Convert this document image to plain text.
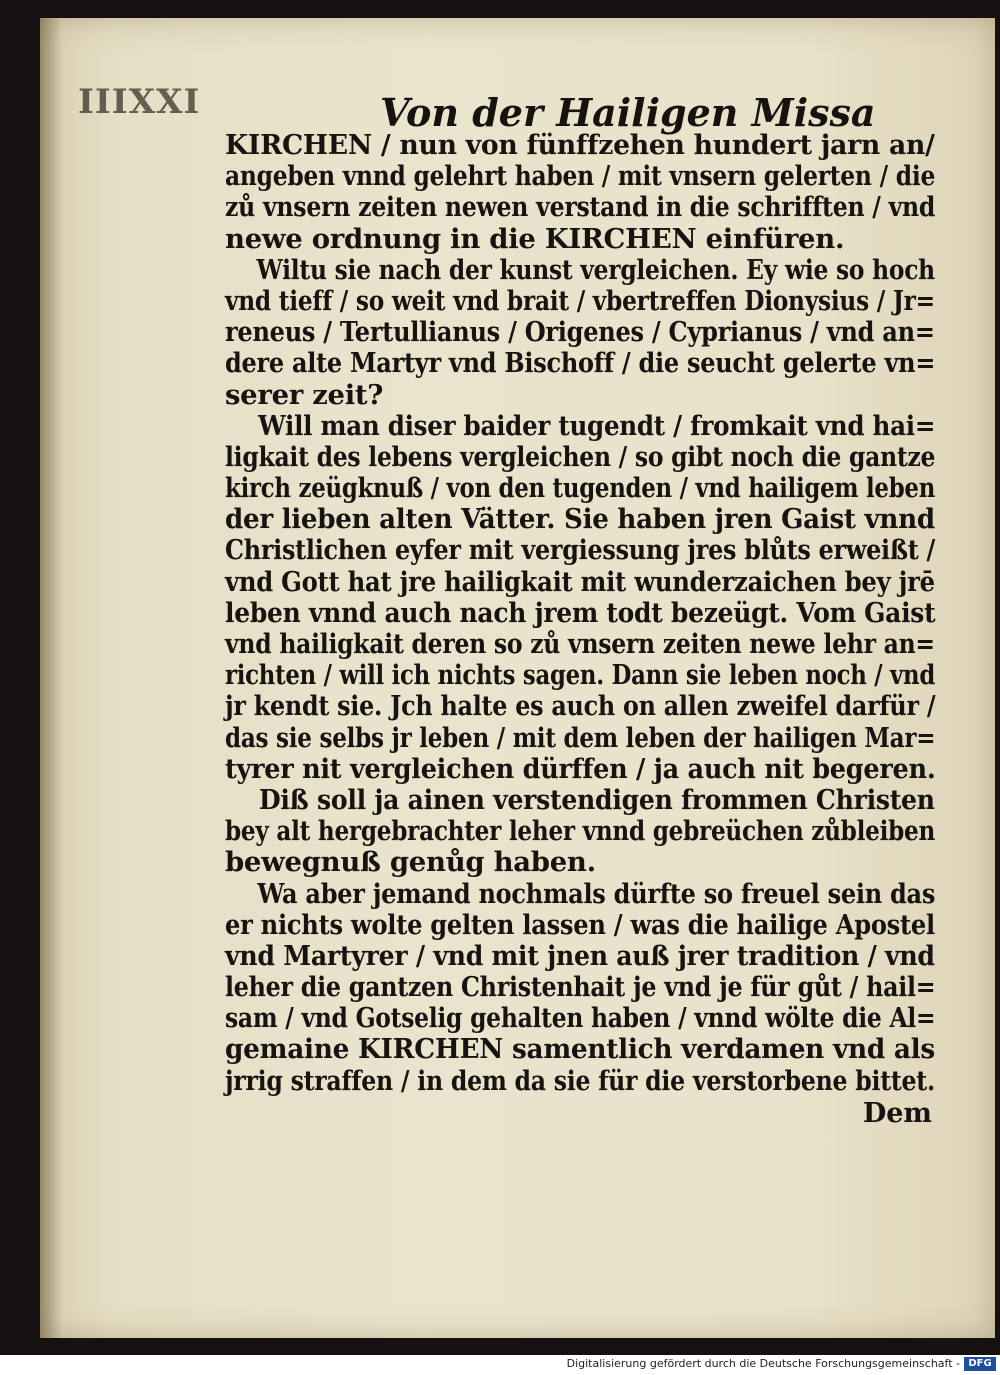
IIIXXI	Von der Hailigen Missa
KIRCHEN / nun von fünffzehen hundert jarn an/
angeben vnnd gelehrt haben / mit vnsern gelerten / die
zů vnsern zeiten newen verstand in die schrifften / vnd
newe ordnung in die KIRCHEN einfüren.
Wiltu sie nach der kunst vergleichen. Ey wie so hoch
vnd tieff / so weit vnd brait / vbertreffen Dionysius / Jr=
reneus / Tertullianus / Origenes / Cyprianus / vnd an=
dere alte Martyr vnd Bischoff / die seucht gelerte vn=
serer zeit?
Will man diser baider tugendt / fromkait vnd hai=
ligkait des lebens vergleichen / so gibt noch die gantze
kirch zeügknuß / von den tugenden / vnd hailigem leben
der lieben alten Vätter. Sie haben jren Gaist vnnd
Christlichen eyfer mit vergiessung jres blůts erweißt /
vnd Gott hat jre hailigkait mit wunderzaichen bey jrē
leben vnnd auch nach jrem todt bezeügt. Vom Gaist
vnd hailigkait deren so zů vnsern zeiten newe lehr an=
richten / will ich nichts sagen. Dann sie leben noch / vnd
jr kendt sie. Jch halte es auch on allen zweifel darfür /
das sie selbs jr leben / mit dem leben der hailigen Mar=
tyrer nit vergleichen dürffen / ja auch nit begeren.
Diß soll ja ainen verstendigen frommen Christen
bey alt hergebrachter leher vnnd gebreüchen zůbleiben
bewegnuß genůg haben.
Wa aber jemand nochmals dürfte so freuel sein das
er nichts wolte gelten lassen / was die hailige Apostel
vnd Martyrer / vnd mit jnen auß jrer tradition / vnd
leher die gantzen Christenhait je vnd je für gůt / hail=
sam / vnd Gotselig gehalten haben / vnnd wölte die Al=
gemaine KIRCHEN samentlich verdamen vnd als
jrrig straffen / in dem da sie für die verstorbene bittet.
Dem
Digitalisierung gefördert durch die Deutsche Forschungsgemeinschaft - DFG
